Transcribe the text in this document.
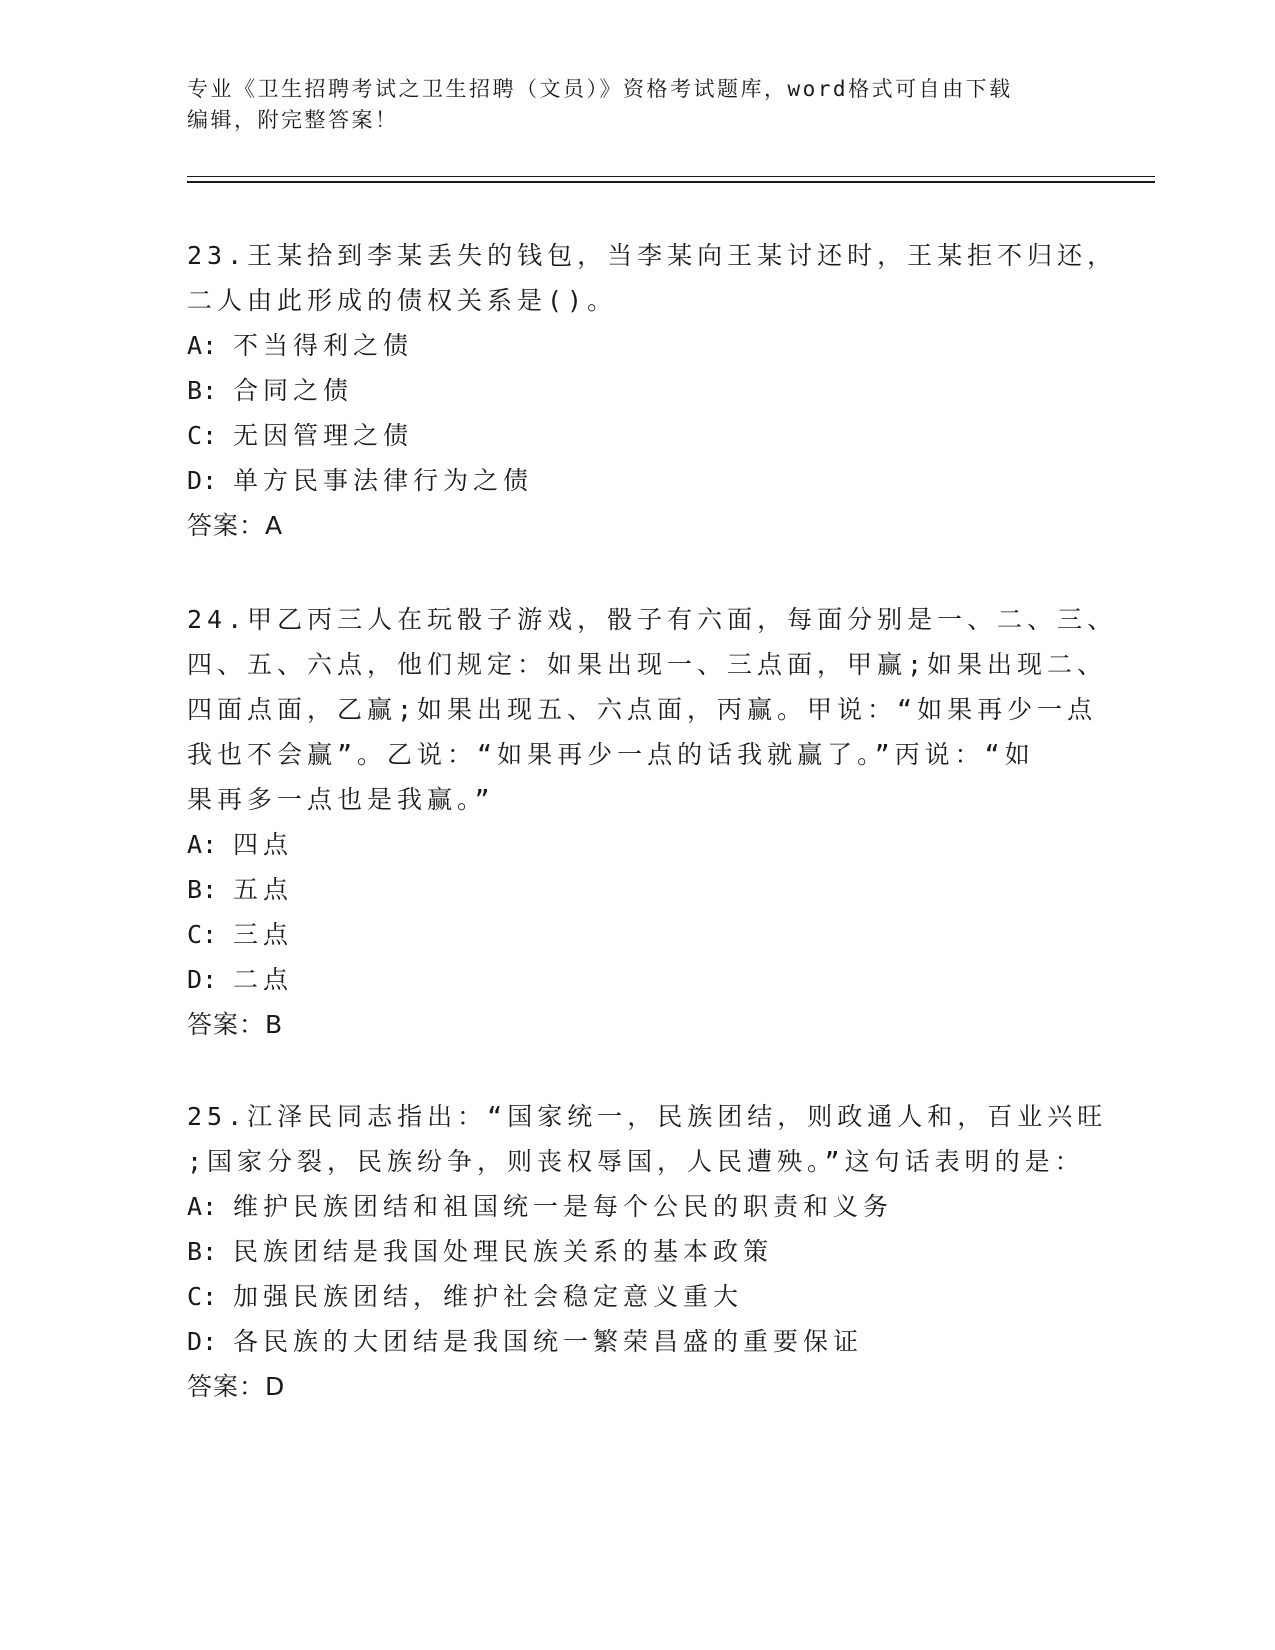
专业《卫生招聘考试之卫生招聘（文员）》资格考试题库，word格式可自由下载
编辑，附完整答案！
23.王某拾到李某丢失的钱包，当李某向王某讨还时，王某拒不归还，
二人由此形成的债权关系是()。
A: 不当得利之债
B: 合同之债
C: 无因管理之债
D: 单方民事法律行为之债
答案：A
24.甲乙丙三人在玩骰子游戏，骰子有六面，每面分别是一、二、三、
四、五、六点，他们规定：如果出现一、三点面，甲赢;如果出现二、
四面点面，乙赢;如果出现五、六点面，丙赢。甲说：“如果再少一点
我也不会赢”。乙说：“如果再少一点的话我就赢了。”丙说：“如
果再多一点也是我赢。”
A: 四点
B: 五点
C: 三点
D: 二点
答案：B
25.江泽民同志指出：“国家统一，民族团结，则政通人和，百业兴旺
;国家分裂，民族纷争，则丧权辱国，人民遭殃。”这句话表明的是：
A: 维护民族团结和祖国统一是每个公民的职责和义务
B: 民族团结是我国处理民族关系的基本政策
C: 加强民族团结，维护社会稳定意义重大
D: 各民族的大团结是我国统一繁荣昌盛的重要保证
答案：D
